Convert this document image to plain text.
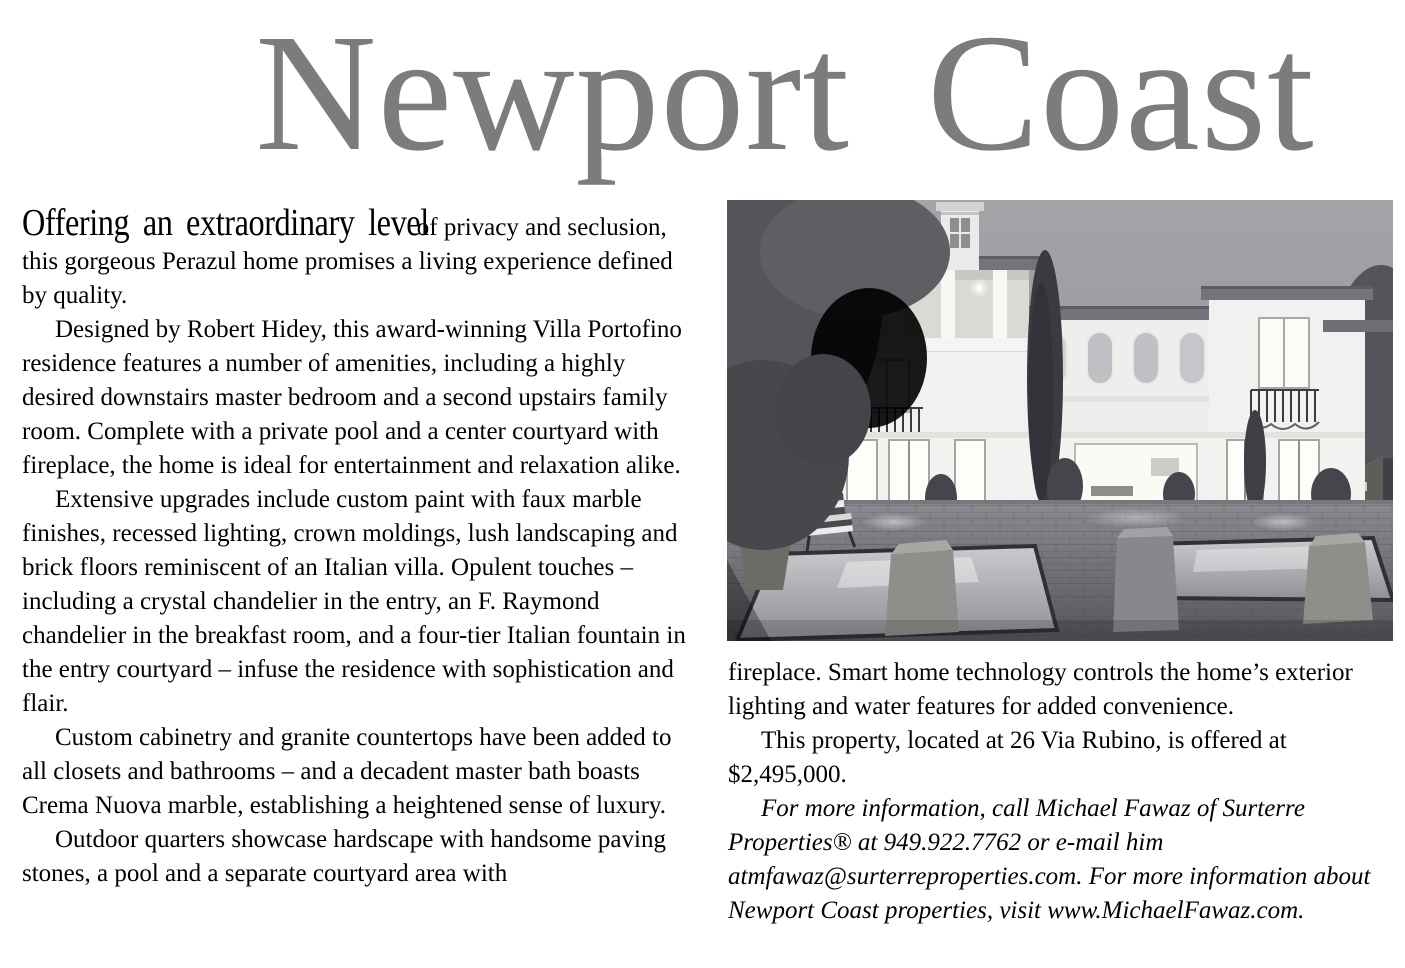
Newport Coast

Offering an extraordinary level of privacy and seclusion, this gorgeous Perazul home promises a living experience defined by quality.

Designed by Robert Hidey, this award-winning Villa Portofino residence features a number of amenities, including a highly desired downstairs master bedroom and a second upstairs family room. Complete with a private pool and a center courtyard with fireplace, the home is ideal for entertainment and relaxation alike.

Extensive upgrades include custom paint with faux marble finishes, recessed lighting, crown moldings, lush landscaping and brick floors reminiscent of an Italian villa. Opulent touches – including a crystal chandelier in the entry, an F. Raymond chandelier in the breakfast room, and a four-tier Italian fountain in the entry courtyard – infuse the residence with sophistication and flair.

Custom cabinetry and granite countertops have been added to all closets and bathrooms – and a decadent master bath boasts Crema Nuova marble, establishing a heightened sense of luxury.

Outdoor quarters showcase hardscape with handsome paving stones, a pool and a separate courtyard area with

fireplace. Smart home technology controls the home’s exterior lighting and water features for added convenience.

This property, located at 26 Via Rubino, is offered at $2,495,000.

For more information, call Michael Fawaz of Surterre Properties® at 949.922.7762 or e-mail him atmfawaz@surterreproperties.com. For more information about Newport Coast properties, visit www.MichaelFawaz.com.
